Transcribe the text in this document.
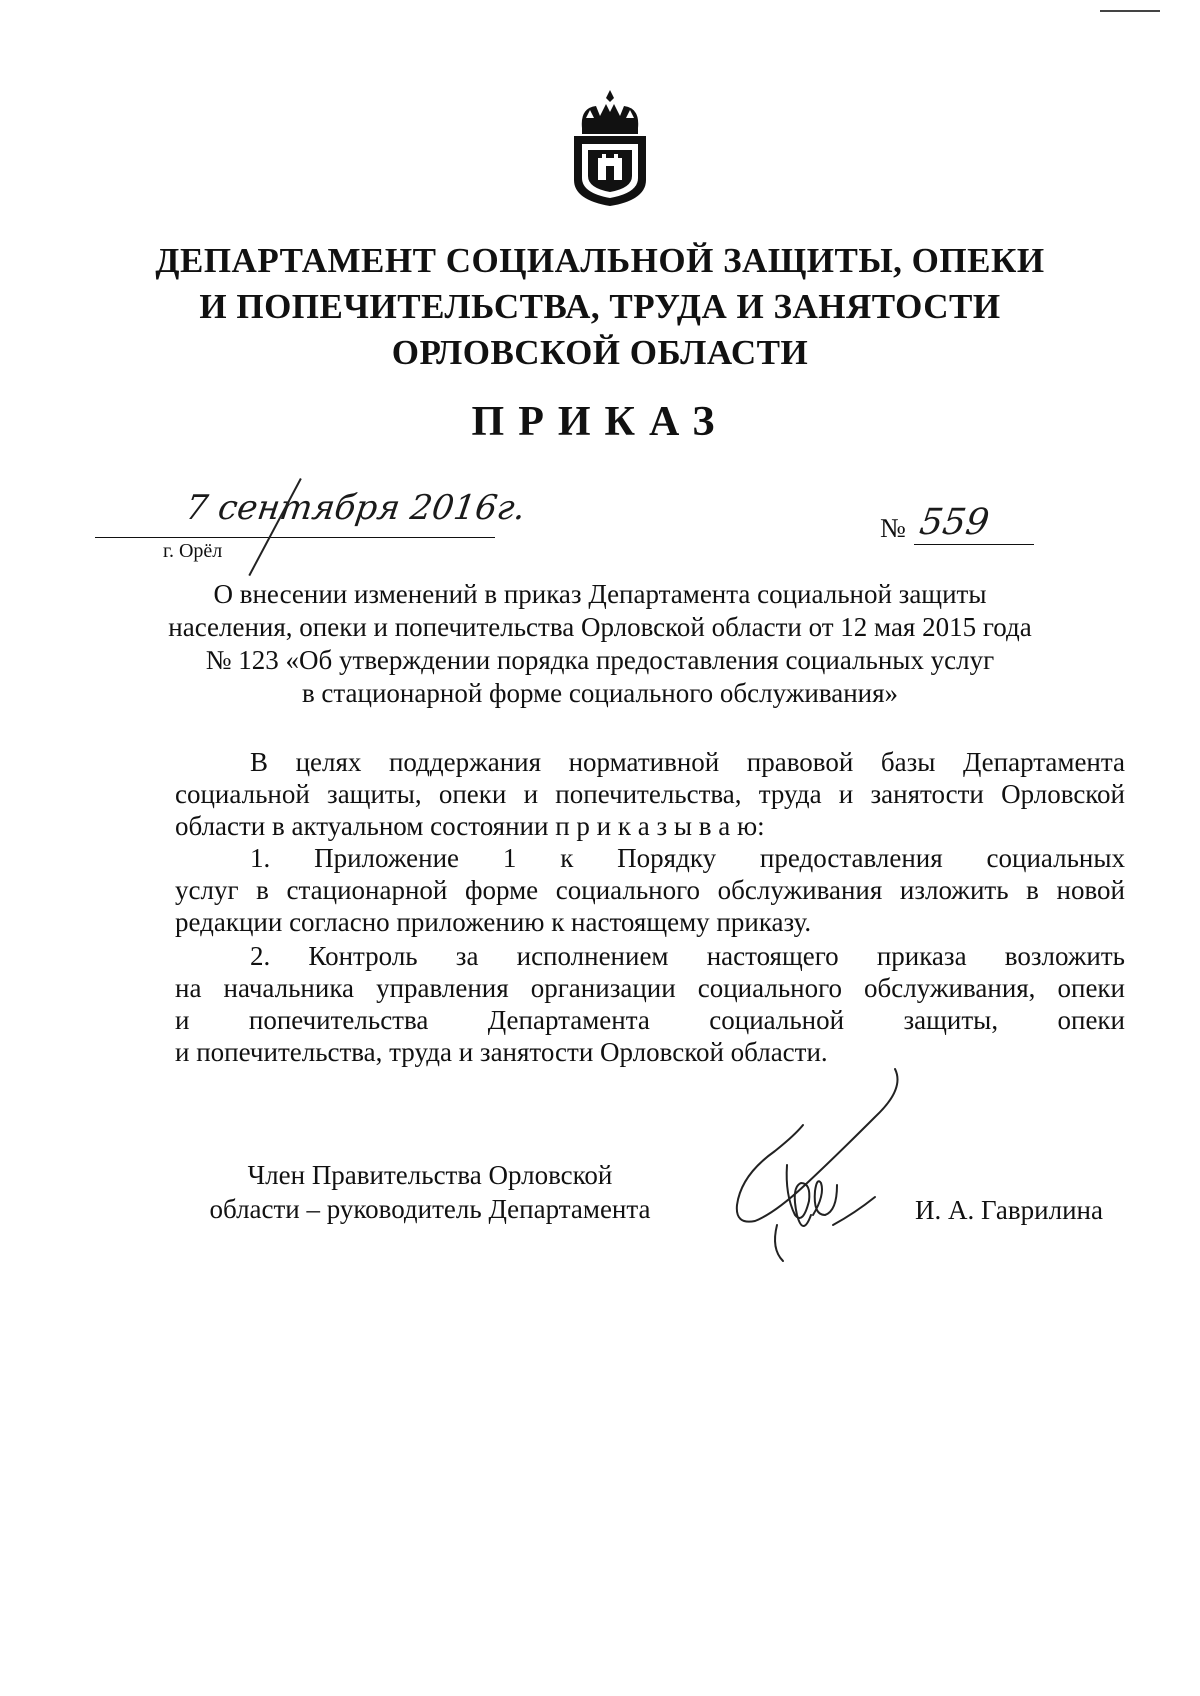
ДЕПАРТАМЕНТ СОЦИАЛЬНОЙ ЗАЩИТЫ, ОПЕКИ
И ПОПЕЧИТЕЛЬСТВА, ТРУДА И ЗАНЯТОСТИ
ОРЛОВСКОЙ ОБЛАСТИ
ПРИКАЗ
7 сентября 2016г.
г. Орёл
№ 559
О внесении изменений в приказ Департамента социальной защиты
населения, опеки и попечительства Орловской области от 12 мая 2015 года
№ 123 «Об утверждении порядка предоставления социальных услуг
в стационарной форме социального обслуживания»
В целях поддержания нормативной правовой базы Департамента
социальной защиты, опеки и попечительства, труда и занятости Орловской
области в актуальном состоянии п р и к а з ы в а ю:
1. Приложение 1 к Порядку предоставления социальных
услуг в стационарной форме социального обслуживания изложить в новой
редакции согласно приложению к настоящему приказу.
2. Контроль за исполнением настоящего приказа возложить
на начальника управления организации социального обслуживания, опеки
и попечительства Департамента социальной защиты, опеки
и попечительства, труда и занятости Орловской области.
Член Правительства Орловской
области – руководитель Департамента	И. А. Гаврилина
